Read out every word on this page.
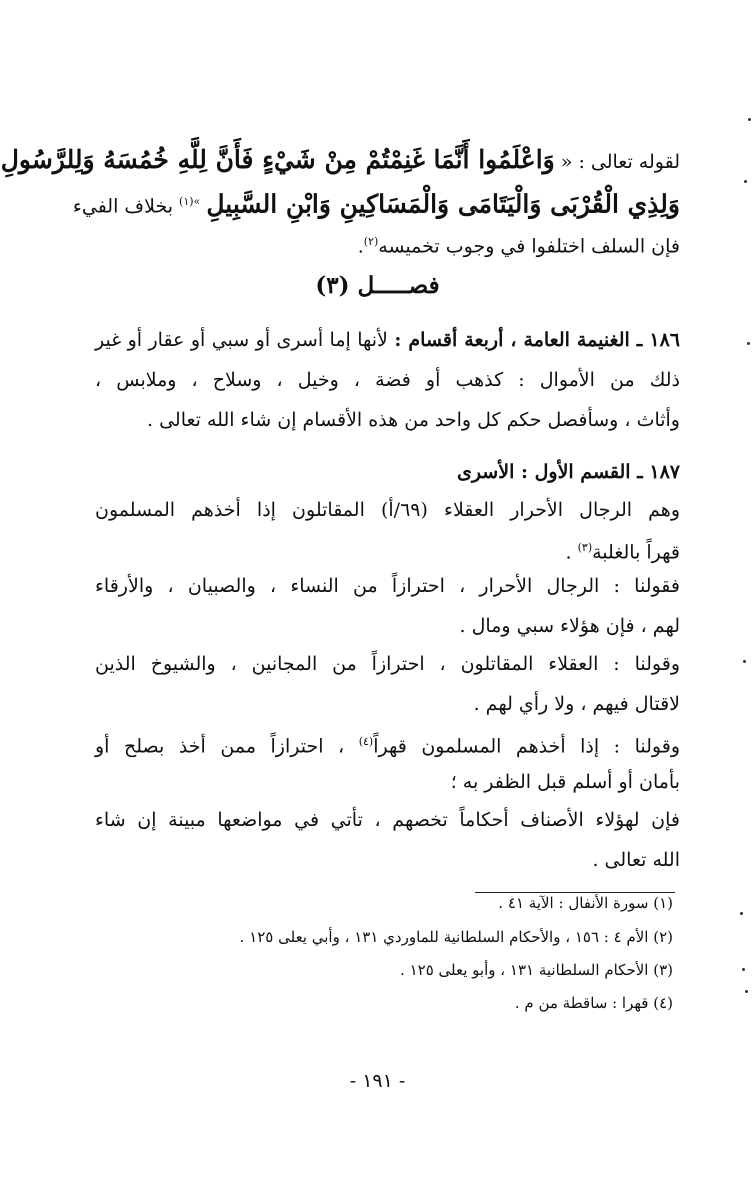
لقوله تعالى : « وَاعْلَمُوا أَنَّمَا غَنِمْتُمْ مِنْ شَيْءٍ فَأَنَّ لِلَّهِ خُمُسَهُ وَلِلرَّسُولِ
وَلِذِي الْقُرْبَى وَالْيَتَامَى وَالْمَسَاكِينِ وَابْنِ السَّبِيلِ $^{»(١)}$ بخلاف الفيء
فإن السلف اختلفوا في وجوب تخميسه$^{(٢)}$.
فصـــــل (٣)
١٨٦ ـ الغنيمة العامة ، أربعة أقسام : لأنها إما أسرى أو سبي أو عقار أو غير
ذلك من الأموال : كذهب أو فضة ، وخيل ، وسلاح ، وملابس ،
وأثاث ، وسأفصل حكم كل واحد من هذه الأقسام إن شاء الله تعالى .
١٨٧ ـ القسم الأول : الأسرى
وهم الرجال الأحرار العقلاء (٦٩/أ) المقاتلون إذا أخذهم المسلمون
قهراً بالغلبة$^{(٣)}$ .
فقولنا : الرجال الأحرار ، احترازاً من النساء ، والصبيان ، والأرقاء
لهم ، فإن هؤلاء سبي ومال .
وقولنا : العقلاء المقاتلون ، احترازاً من المجانين ، والشيوخ الذين
لاقتال فيهم ، ولا رأي لهم .
وقولنا : إذا أخذهم المسلمون قهراً$^{(٤)}$ ، احترازاً ممن أخذ بصلح أو
بأمان أو أسلم قبل الظفر به ؛
فإن لهؤلاء الأصناف أحكاماً تخصهم ، تأتي في مواضعها مبينة إن شاء
الله تعالى .
(١) سورة الأنفال : الآية ٤١ .
(٢) الأم ٤ : ١٥٦ ، والأحكام السلطانية للماوردي ١٣١ ، وأبي يعلى ١٢٥ .
(٣) الأحكام السلطانية ١٣١ ، وأبو يعلى ١٢٥ .
(٤) قهرا : ساقطة من م .
- ١٩١ -
